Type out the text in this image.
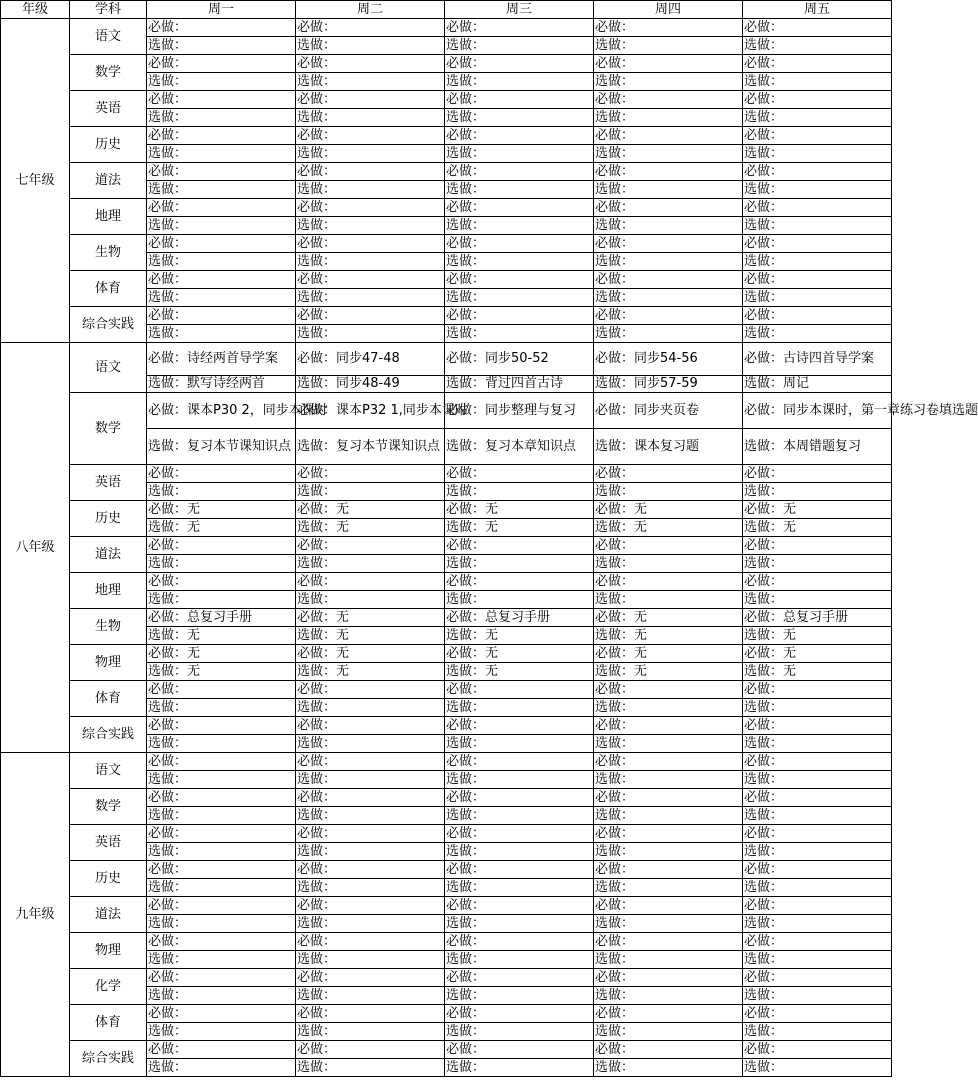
年级	学科	周一	周二	周三	周四	周五
七年级	语文	必做：	必做：	必做：	必做：	必做：
		选做：	选做：	选做：	选做：	选做：
	数学	必做：	必做：	必做：	必做：	必做：
		选做：	选做：	选做：	选做：	选做：
	英语	必做：	必做：	必做：	必做：	必做：
		选做：	选做：	选做：	选做：	选做：
	历史	必做：	必做：	必做：	必做：	必做：
		选做：	选做：	选做：	选做：	选做：
	道法	必做：	必做：	必做：	必做：	必做：
		选做：	选做：	选做：	选做：	选做：
	地理	必做：	必做：	必做：	必做：	必做：
		选做：	选做：	选做：	选做：	选做：
	生物	必做：	必做：	必做：	必做：	必做：
		选做：	选做：	选做：	选做：	选做：
	体育	必做：	必做：	必做：	必做：	必做：
		选做：	选做：	选做：	选做：	选做：
	综合实践	必做：	必做：	必做：	必做：	必做：
		选做：	选做：	选做：	选做：	选做：
八年级	语文	必做：诗经两首导学案	必做：同步47-48	必做：同步50-52	必做：同步54-56	必做：古诗四首导学案
		选做：默写诗经两首	选做：同步48-49	选做：背过四首古诗	选做：同步57-59	选做：周记
	数学	必做：课本P30 2，同步本课时	必做：课本P32 1,同步本课时	必做：同步整理与复习	必做：同步夹页卷	必做：同步本课时，第一章练习卷填选题
		选做：复习本节课知识点	选做：复习本节课知识点	选做：复习本章知识点	选做：课本复习题	选做：本周错题复习
	英语	必做：	必做：	必做：	必做：	必做：
		选做：	选做：	选做：	选做：	选做：
	历史	必做：无	必做：无	必做：无	必做：无	必做：无
		选做：无	选做：无	选做：无	选做：无	选做：无
	道法	必做：	必做：	必做：	必做：	必做：
		选做：	选做：	选做：	选做：	选做：
	地理	必做：	必做：	必做：	必做：	必做：
		选做：	选做：	选做：	选做：	选做：
	生物	必做：总复习手册	必做：无	必做：总复习手册	必做：无	必做：总复习手册
		选做：无	选做：无	选做：无	选做：无	选做：无
	物理	必做：无	必做：无	必做：无	必做：无	必做：无
		选做：无	选做：无	选做：无	选做：无	选做：无
	体育	必做：	必做：	必做：	必做：	必做：
		选做：	选做：	选做：	选做：	选做：
	综合实践	必做：	必做：	必做：	必做：	必做：
		选做：	选做：	选做：	选做：	选做：
九年级	语文	必做：	必做：	必做：	必做：	必做：
		选做：	选做：	选做：	选做：	选做：
	数学	必做：	必做：	必做：	必做：	必做：
		选做：	选做：	选做：	选做：	选做：
	英语	必做：	必做：	必做：	必做：	必做：
		选做：	选做：	选做：	选做：	选做：
	历史	必做：	必做：	必做：	必做：	必做：
		选做：	选做：	选做：	选做：	选做：
	道法	必做：	必做：	必做：	必做：	必做：
		选做：	选做：	选做：	选做：	选做：
	物理	必做：	必做：	必做：	必做：	必做：
		选做：	选做：	选做：	选做：	选做：
	化学	必做：	必做：	必做：	必做：	必做：
		选做：	选做：	选做：	选做：	选做：
	体育	必做：	必做：	必做：	必做：	必做：
		选做：	选做：	选做：	选做：	选做：
	综合实践	必做：	必做：	必做：	必做：	必做：
		选做：	选做：	选做：	选做：	选做：
